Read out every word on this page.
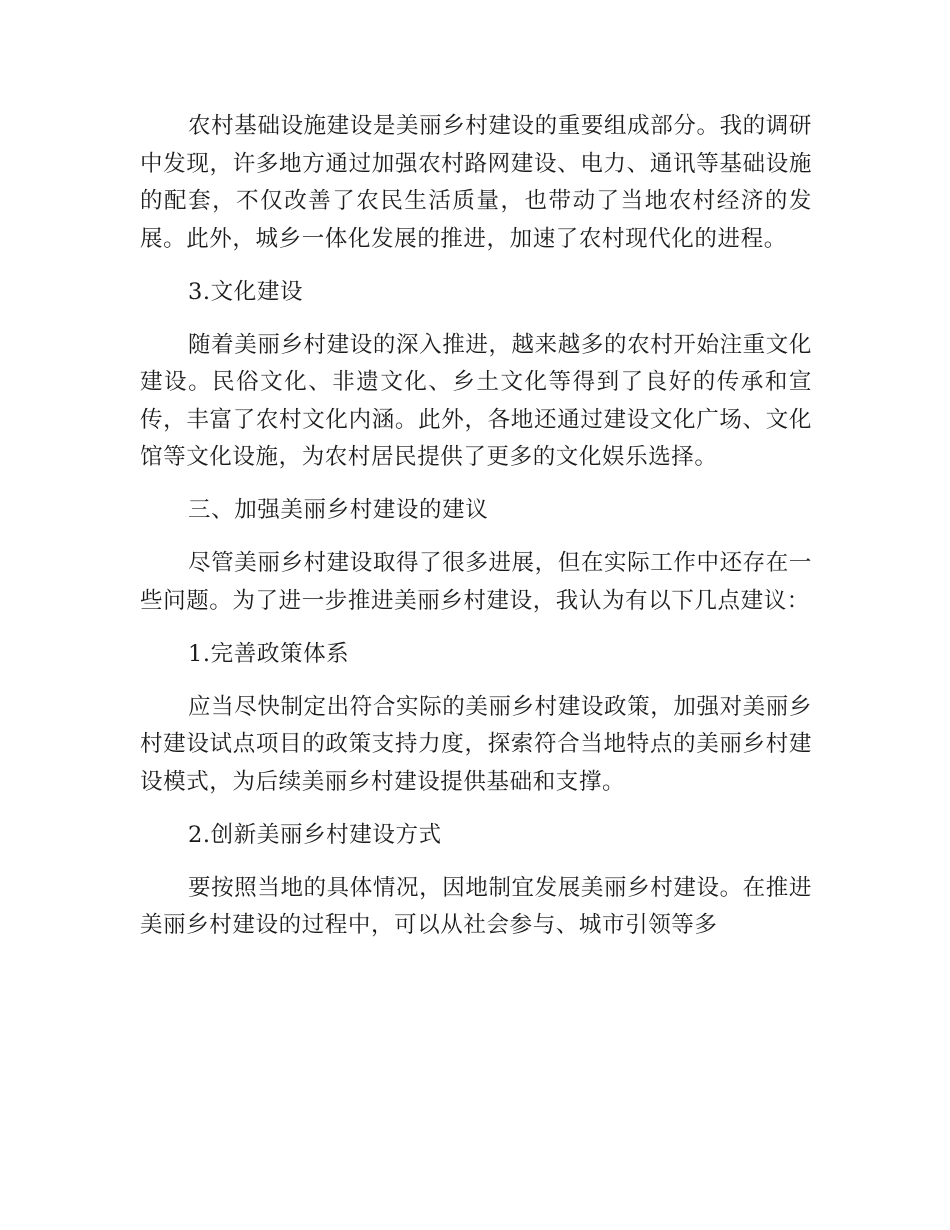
农村基础设施建设是美丽乡村建设的重要组成部分。我的调研中发现，许多地方通过加强农村路网建设、电力、通讯等基础设施的配套，不仅改善了农民生活质量，也带动了当地农村经济的发展。此外，城乡一体化发展的推进，加速了农村现代化的进程。

3.文化建设

随着美丽乡村建设的深入推进，越来越多的农村开始注重文化建设。民俗文化、非遗文化、乡土文化等得到了良好的传承和宣传，丰富了农村文化内涵。此外，各地还通过建设文化广场、文化馆等文化设施，为农村居民提供了更多的文化娱乐选择。

三、加强美丽乡村建设的建议

尽管美丽乡村建设取得了很多进展，但在实际工作中还存在一些问题。为了进一步推进美丽乡村建设，我认为有以下几点建议：

1.完善政策体系

应当尽快制定出符合实际的美丽乡村建设政策，加强对美丽乡村建设试点项目的政策支持力度，探索符合当地特点的美丽乡村建设模式，为后续美丽乡村建设提供基础和支撑。

2.创新美丽乡村建设方式

要按照当地的具体情况，因地制宜发展美丽乡村建设。在推进美丽乡村建设的过程中，可以从社会参与、城市引领等多
